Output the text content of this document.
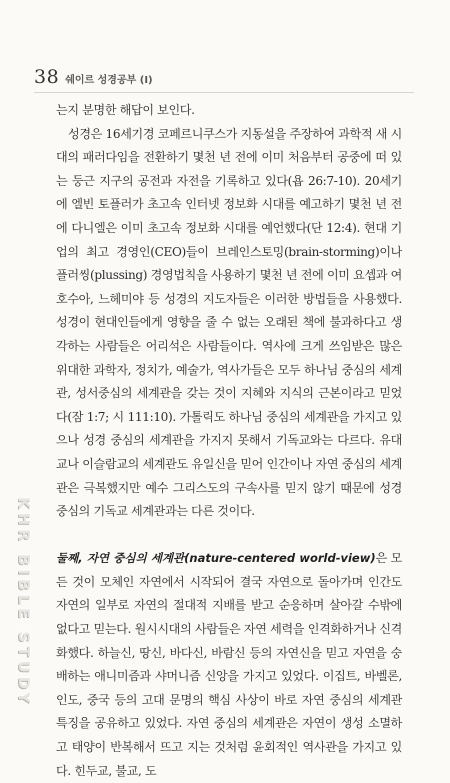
38 쉐이르 성경공부 (I)
KHR BIBLE STUDY

는지 분명한 해답이 보인다.

성경은 16세기경 코페르니쿠스가 지동설을 주장하여 과학적 새 시대의 패러다임을 전환하기 몇천 년 전에 이미 처음부터 공중에 떠 있는 둥근 지구의 공전과 자전을 기록하고 있다(욥 26:7-10). 20세기에 엘빈 토플러가 초고속 인터넷 정보화 시대를 예고하기 몇천 년 전에 다니엘은 이미 초고속 정보화 시대를 예언했다(단 12:4). 현대 기업의 최고 경영인(CEO)들이 브레인스토밍(brain-storming)이나 플러씽(plussing) 경영법칙을 사용하기 몇천 년 전에 이미 요셉과 여호수아, 느헤미야 등 성경의 지도자들은 이러한 방법들을 사용했다. 성경이 현대인들에게 영향을 줄 수 없는 오래된 책에 불과하다고 생각하는 사람들은 어리석은 사람들이다. 역사에 크게 쓰임받은 많은 위대한 과학자, 정치가, 예술가, 역사가들은 모두 하나님 중심의 세계관, 성서중심의 세계관을 갖는 것이 지혜와 지식의 근본이라고 믿었다(잠 1:7; 시 111:10). 가톨릭도 하나님 중심의 세계관을 가지고 있으나 성경 중심의 세계관을 가지지 못해서 기독교와는 다르다. 유대교나 이슬람교의 세계관도 유일신을 믿어 인간이나 자연 중심의 세계관은 극복했지만 예수 그리스도의 구속사를 믿지 않기 때문에 성경 중심의 기독교 세계관과는 다른 것이다.

둘째, 자연 중심의 세계관(nature-centered world-view)은 모든 것이 모체인 자연에서 시작되어 결국 자연으로 돌아가며 인간도 자연의 일부로 자연의 절대적 지배를 받고 순응하며 살아갈 수밖에 없다고 믿는다. 원시시대의 사람들은 자연 세력을 인격화하거나 신격화했다. 하늘신, 땅신, 바다신, 바람신 등의 자연신을 믿고 자연을 숭배하는 애니미즘과 샤머니즘 신앙을 가지고 있었다. 이집트, 바벨론, 인도, 중국 등의 고대 문명의 핵심 사상이 바로 자연 중심의 세계관 특징을 공유하고 있었다. 자연 중심의 세계관은 자연이 생성 소멸하고 태양이 반복해서 뜨고 지는 것처럼 윤회적인 역사관을 가지고 있다. 힌두교, 불교, 도
